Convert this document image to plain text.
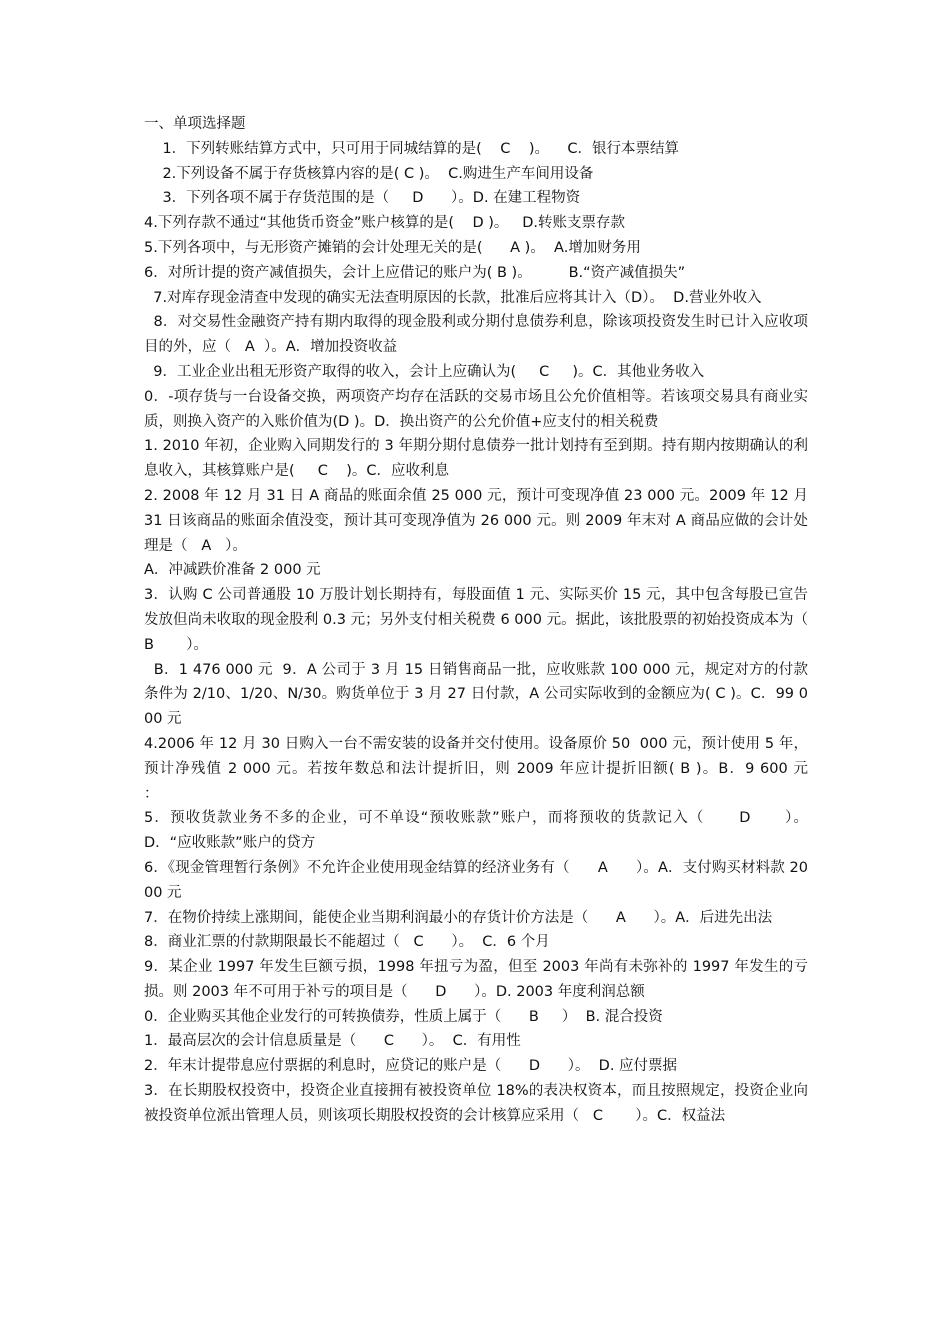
一、单项选择题

1．下列转账结算方式中，只可用于同城结算的是(    C    )。    C．银行本票结算

2.下列设备不属于存货核算内容的是( C )。  C.购进生产车间用设备

3．下列各项不属于存货范围的是（     D      ）。D. 在建工程物资

4.下列存款不通过“其他货币资金”账户核算的是(    D )。   D.转账支票存款

5.下列各项中，与无形资产摊销的会计处理无关的是(      A )。  A.增加财务用

6．对所计提的资产减值损失，会计上应借记的账户为( B )。        B.“资产减值损失”

7.对库存现金清查中发现的确实无法查明原因的长款，批准后应将其计入（D）。  D.营业外收入

8．对交易性金融资产持有期内取得的现金股利或分期付息债券利息，除该项投资发生时已计入应收项目的外，应（   A  ）。A．增加投资收益

9．工业企业出租无形资产取得的收入，会计上应确认为(     C     )。C．其他业务收入

0．-项存货与一台设备交换，两项资产均存在活跃的交易市场且公允价值相等。若该项交易具有商业实质，则换入资产的入账价值为(D )。D．换出资产的公允价值+应支付的相关税费

1. 2010 年初，企业购入同期发行的 3 年期分期付息债券一批计划持有至到期。持有期内按期确认的利息收入，其核算账户是(     C    )。C．应收利息

2. 2008 年 12 月 31 日 A 商品的账面余值 25 000 元，预计可变现净值 23 000 元。2009 年 12 月 31 日该商品的账面余值没变，预计其可变现净值为 26 000 元。则 2009 年末对 A 商品应做的会计处理是（   A   ）。

A．冲减跌价准备 2 000 元

3．认购 C 公司普通股 10 万股计划长期持有，每股面值 1 元、实际买价 15 元，其中包含每股已宣告发放但尚未收取的现金股利 0.3 元；另外支付相关税费 6 000 元。据此，该批股票的初始投资成本为（       B       ）。

B．1 476 000 元  9．A 公司于 3 月 15 日销售商品一批，应收账款 100 000 元，规定对方的付款条件为 2/10、1/20、N/30。购货单位于 3 月 27 日付款，A 公司实际收到的金额应为( C )。C．99 000 元

4.2006 年 12 月 30 日购入一台不需安装的设备并交付使用。设备原价 50  000 元，预计使用 5 年，预计净残值 2 000 元。若按年数总和法计提折旧，则 2009 年应计提折旧额( B )。B．9 600 元         ：

5．预收货款业务不多的企业，可不单设“预收账款”账户，而将预收的货款记入（      D      ）。   D．“应收账款”账户的贷方

6．《现金管理暂行条例》不允许企业使用现金结算的经济业务有（      A      ）。A．支付购买材料款 2000 元

7．在物价持续上涨期间，能使企业当期利润最小的存货计价方法是（      A      ）。A．后进先出法

8．商业汇票的付款期限最长不能超过（   C      ）。  C．6 个月

9．某企业 1997 年发生巨额亏损，1998 年扭亏为盈，但至 2003 年尚有未弥补的 1997 年发生的亏损。则 2003 年不可用于补亏的项目是（      D      ）。D. 2003 年度利润总额

0．企业购买其他企业发行的可转换债券，性质上属于（      B     ）  B. 混合投资

1．最高层次的会计信息质量是（      C      ）。  C．有用性

2．年末计提带息应付票据的利息时，应贷记的账户是（      D      ）。  D. 应付票据

3．在长期股权投资中，投资企业直接拥有被投资单位 18%的表决权资本，而且按照规定，投资企业向被投资单位派出管理人员，则该项长期股权投资的会计核算应采用（   C       ）。C．权益法
